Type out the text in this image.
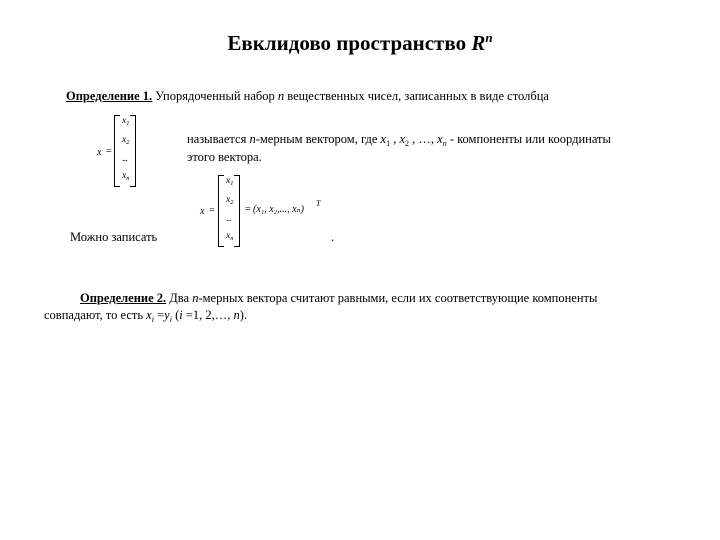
Евклидово пространство $R^n$
Определение 1. Упорядоченный набор n вещественных чисел, записанных в виде столбца
x =
$x_1$
$x_2$
...
$x_n$
называется n-мерным вектором, где $x_1$ , $x_2$ , …, $x_n$ - компоненты или координаты
этого вектора.
x =
$x_1$
$x_2$
...
$x_n$
= (x₁, x₂,..., xₙ)
T
Можно записать	.
Определение 2. Два n-мерных вектора считают равными, если их соответствующие компоненты
совпадают, то есть $x_i =y_i$ (i =1, 2,…, n).
